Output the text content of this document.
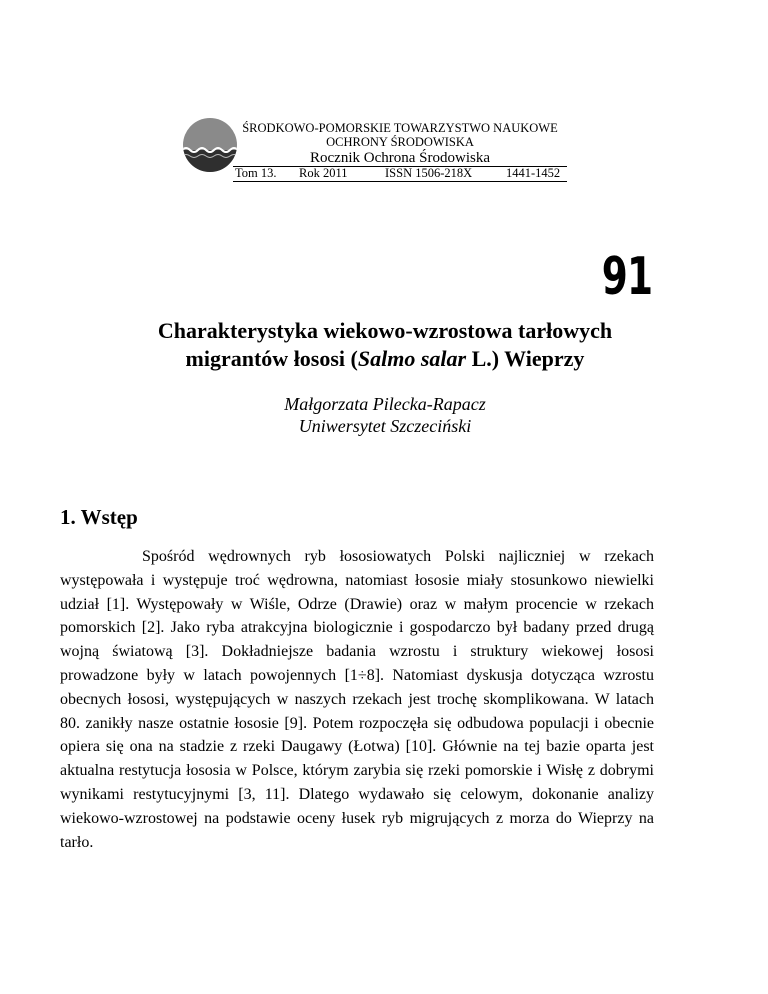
ŚRODKOWO-POMORSKIE TOWARZYSTWO NAUKOWE
OCHRONY ŚRODOWISKA
Rocznik Ochrona Środowiska
Tom 13. Rok 2011	ISSN 1506-218X	1441-1452
91
Charakterystyka wiekowo-wzrostowa tarłowych
migrantów łososi (Salmo salar L.) Wieprzy
Małgorzata Pilecka-Rapacz
Uniwersytet Szczeciński
1. Wstęp

Spośród wędrownych ryb łososiowatych Polski najliczniej w rzekach występowała i występuje troć wędrowna, natomiast łososie miały stosunkowo niewielki udział [1]. Występowały w Wiśle, Odrze (Drawie) oraz w małym procencie w rzekach pomorskich [2]. Jako ryba atrakcyjna biologicznie i gospodarczo był badany przed drugą wojną światową [3]. Dokładniejsze badania wzrostu i struktury wiekowej łososi prowadzone były w latach powojennych [1÷8]. Natomiast dyskusja dotycząca wzrostu obecnych łososi, występujących w naszych rzekach jest trochę skomplikowana. W latach 80. zanikły nasze ostatnie łososie [9]. Potem rozpoczęła się odbudowa populacji i obecnie opiera się ona na stadzie z rzeki Daugawy (Łotwa) [10]. Głównie na tej bazie oparta jest aktualna restytucja łososia w Polsce, którym zarybia się rzeki pomorskie i Wisłę z dobrymi wynikami restytucyjnymi [3, 11]. Dlatego wydawało się celowym, dokonanie analizy wiekowo-wzrostowej na podstawie oceny łusek ryb migrujących z morza do Wieprzy na tarło.
